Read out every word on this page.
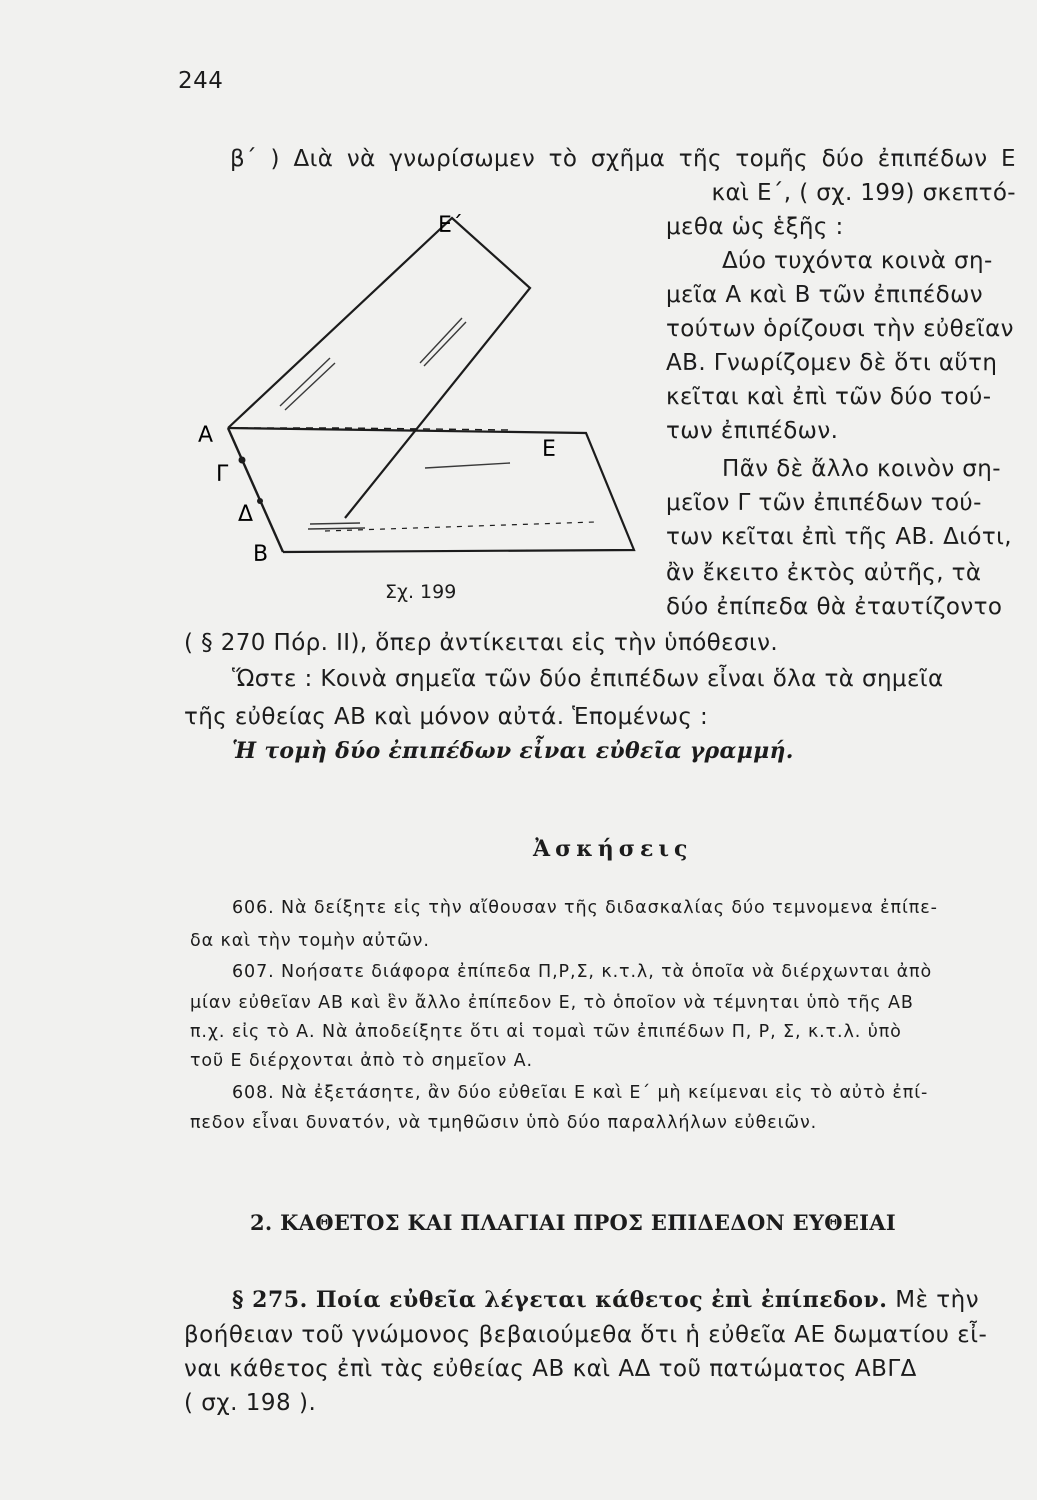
244
β΄ ) Διὰ νὰ γνωρίσωμεν τὸ σχῆμα τῆς τομῆς δύο ἐπιπέδων Ε
καὶ Ε΄, ( σχ. 199) σκεπτό-
μεθα ὡς ἑξῆς :
Δύο τυχόντα κοινὰ ση-
μεῖα Α καὶ Β τῶν ἐπιπέδων
τούτων ὁρίζουσι τὴν εὐθεῖαν
ΑΒ. Γνωρίζομεν δὲ ὅτι αὕτη
κεῖται καὶ ἐπὶ τῶν δύο τού-
των ἐπιπέδων.
Πᾶν δὲ ἄλλο κοινὸν ση-
μεῖον Γ τῶν ἐπιπέδων τού-
των κεῖται ἐπὶ τῆς ΑΒ. Διότι,
ἂν ἔκειτο ἐκτὸς αὐτῆς, τὰ
δύο ἐπίπεδα θὰ ἐταυτίζοντο
Ε΄
Ε
Α
Γ
Δ
Β
Σχ. 199
( § 270 Πόρ. ΙΙ), ὅπερ ἀντίκειται εἰς τὴν ὑπόθεσιν.
Ὥστε : Κοινὰ σημεῖα τῶν δύο ἐπιπέδων εἶναι ὅλα τὰ σημεῖα
τῆς εὐθείας ΑΒ καὶ μόνον αὐτά. Ἑπομένως :
Ἡ τομὴ δύο ἐπιπέδων εἶναι εὐθεῖα γραμμή.
Ἀσκήσεις
606. Νὰ δείξητε εἰς τὴν αἴθουσαν τῆς διδασκαλίας δύο τεμνομενα ἐπίπε-
δα καὶ τὴν τομὴν αὐτῶν.
607. Νοήσατε διάφορα ἐπίπεδα Π,Ρ,Σ, κ.τ.λ, τὰ ὁποῖα νὰ διέρχωνται ἀπὸ
μίαν εὐθεῖαν ΑΒ καὶ ἓν ἄλλο ἐπίπεδον Ε, τὸ ὁποῖον νὰ τέμνηται ὑπὸ τῆς ΑΒ
π.χ. εἰς τὸ Α. Νὰ ἀποδείξητε ὅτι αἱ τομαὶ τῶν ἐπιπέδων Π, Ρ, Σ, κ.τ.λ. ὑπὸ
τοῦ Ε διέρχονται ἀπὸ τὸ σημεῖον Α.
608. Νὰ ἐξετάσητε, ἂν δύο εὐθεῖαι Ε καὶ Ε΄ μὴ κείμεναι εἰς τὸ αὐτὸ ἐπί-
πεδον εἶναι δυνατόν, νὰ τμηθῶσιν ὑπὸ δύο παραλλήλων εὐθειῶν.
2. ΚΑΘΕΤΟΣ ΚΑΙ ΠΛΑΓΙΑΙ ΠΡΟΣ ΕΠΙΔΕΔΟΝ ΕΥΘΕΙΑΙ
§ 275. Ποία εὐθεῖα λέγεται κάθετος ἐπὶ ἐπίπεδον. Μὲ τὴν
βοήθειαν τοῦ γνώμονος βεβαιούμεθα ὅτι ἡ εὐθεῖα ΑΕ δωματίου εἶ-
ναι κάθετος ἐπὶ τὰς εὐθείας ΑΒ καὶ ΑΔ τοῦ πατώματος ΑΒΓΔ
( σχ. 198 ).
